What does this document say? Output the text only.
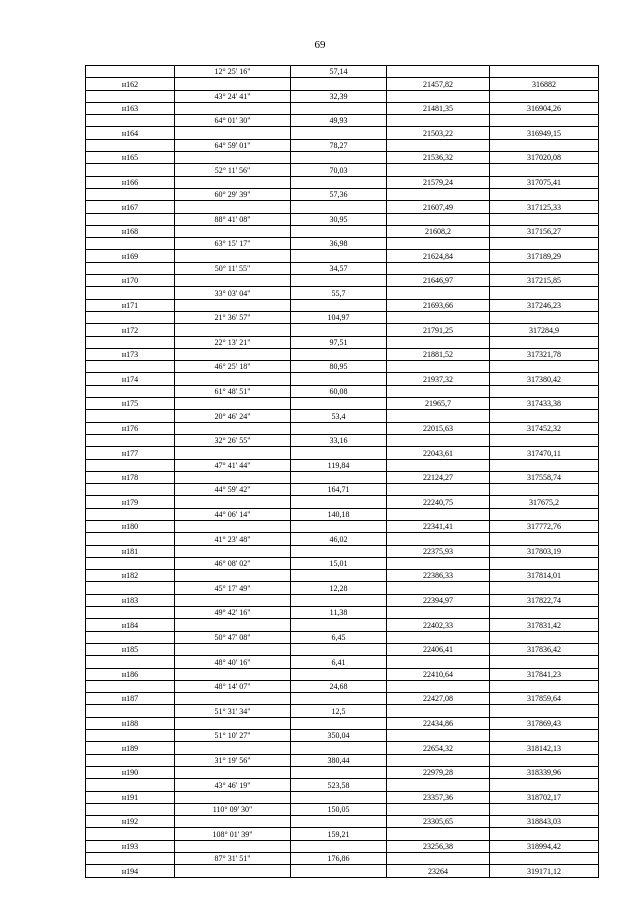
69
	12° 25' 16"	57,14		
н162			21457,82	316882
	43° 24' 41"	32,39		
н163			21481,35	316904,26
	64° 01' 30"	49,93		
н164			21503,22	316949,15
	64° 59' 01"	78,27		
н165			21536,32	317020,08
	52° 11' 56"	70,03		
н166			21579,24	317075,41
	60° 29' 39"	57,36		
н167			21607,49	317125,33
	88° 41' 08"	30,95		
н168			21608,2	317156,27
	63° 15' 17"	36,98		
н169			21624,84	317189,29
	50° 11' 55"	34,57		
н170			21646,97	317215,85
	33° 03' 04"	55,7		
н171			21693,66	317246,23
	21° 36' 57"	104,97		
н172			21791,25	317284,9
	22° 13' 21"	97,51		
н173			21881,52	317321,78
	46° 25' 18"	80,95		
н174			21937,32	317380,42
	61° 48' 51"	60,08		
н175			21965,7	317433,38
	20° 46' 24"	53,4		
н176			22015,63	317452,32
	32° 26' 55"	33,16		
н177			22043,61	317470,11
	47° 41' 44"	119,84		
н178			22124,27	317558,74
	44° 59' 42"	164,71		
н179			22240,75	317675,2
	44° 06' 14"	140,18		
н180			22341,41	317772,76
	41° 23' 48"	46,02		
н181			22375,93	317803,19
	46° 08' 02"	15,01		
н182			22386,33	317814,01
	45° 17' 49"	12,28		
н183			22394,97	317822,74
	49° 42' 16"	11,38		
н184			22402,33	317831,42
	50° 47' 08"	6,45		
н185			22406,41	317836,42
	48° 40' 16"	6,41		
н186			22410,64	317841,23
	48° 14' 07"	24,68		
н187			22427,08	317859,64
	51° 31' 34"	12,5		
н188			22434,86	317869,43
	51° 10' 27"	350,04		
н189			22654,32	318142,13
	31° 19' 56"	380,44		
н190			22979,28	318339,96
	43° 46' 19"	523,58		
н191			23357,36	318702,17
	110° 09' 30"	150,05		
н192			23305,65	318843,03
	108° 01' 39"	159,21		
н193			23256,38	318994,42
	87° 31' 51"	176,86		
н194			23264	319171,12
